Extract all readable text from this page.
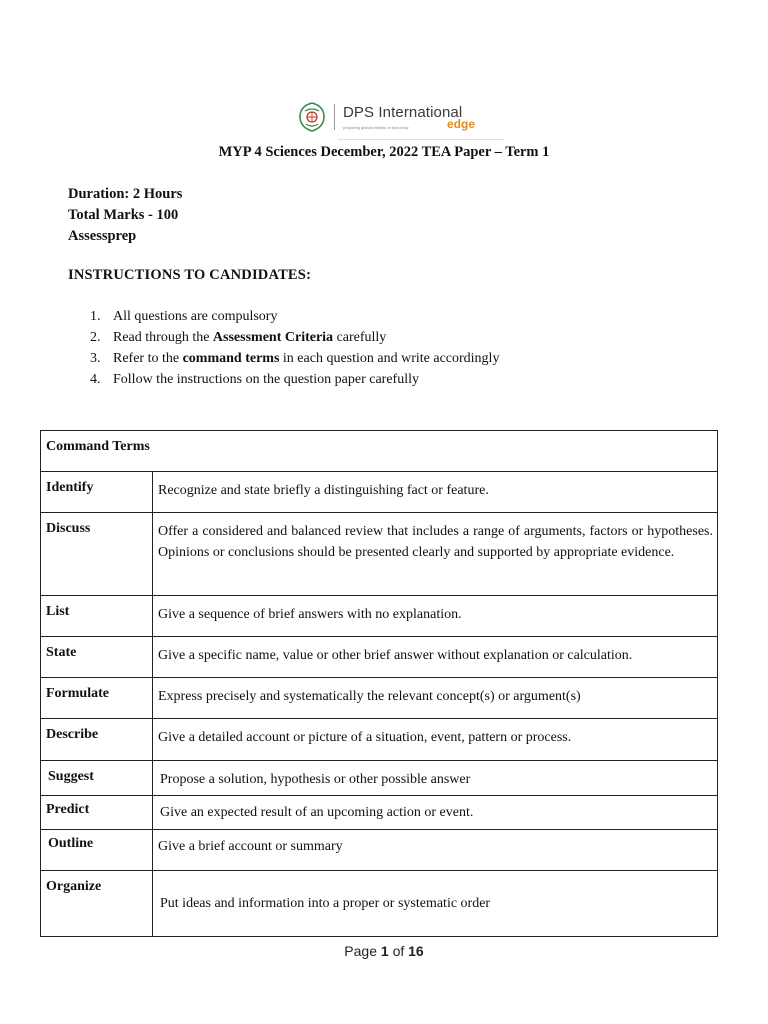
DPS International
preparing global citizens of tomorrow	edge
MYP 4 Sciences December, 2022 TEA Paper – Term 1
Duration: 2 Hours
Total Marks - 100
Assessprep
INSTRUCTIONS TO CANDIDATES:
1. All questions are compulsory
2. Read through the Assessment Criteria carefully
3. Refer to the command terms in each question and write accordingly
4. Follow the instructions on the question paper carefully
Command Terms	
Identify	Recognize and state briefly a distinguishing fact or feature.
Discuss	Offer a considered and balanced review that includes a range of arguments, factors or hypotheses. Opinions or conclusions should be presented clearly and supported by appropriate evidence.
List	Give a sequence of brief answers with no explanation.
State	Give a specific name, value or other brief answer without explanation or calculation.
Formulate	Express precisely and systematically the relevant concept(s) or argument(s)
Describe	Give a detailed account or picture of a situation, event, pattern or process.
Suggest	Propose a solution, hypothesis or other possible answer
Predict	Give an expected result of an upcoming action or event.
Outline	Give a brief account or summary
Organize	Put ideas and information into a proper or systematic order
Page 1 of 16
